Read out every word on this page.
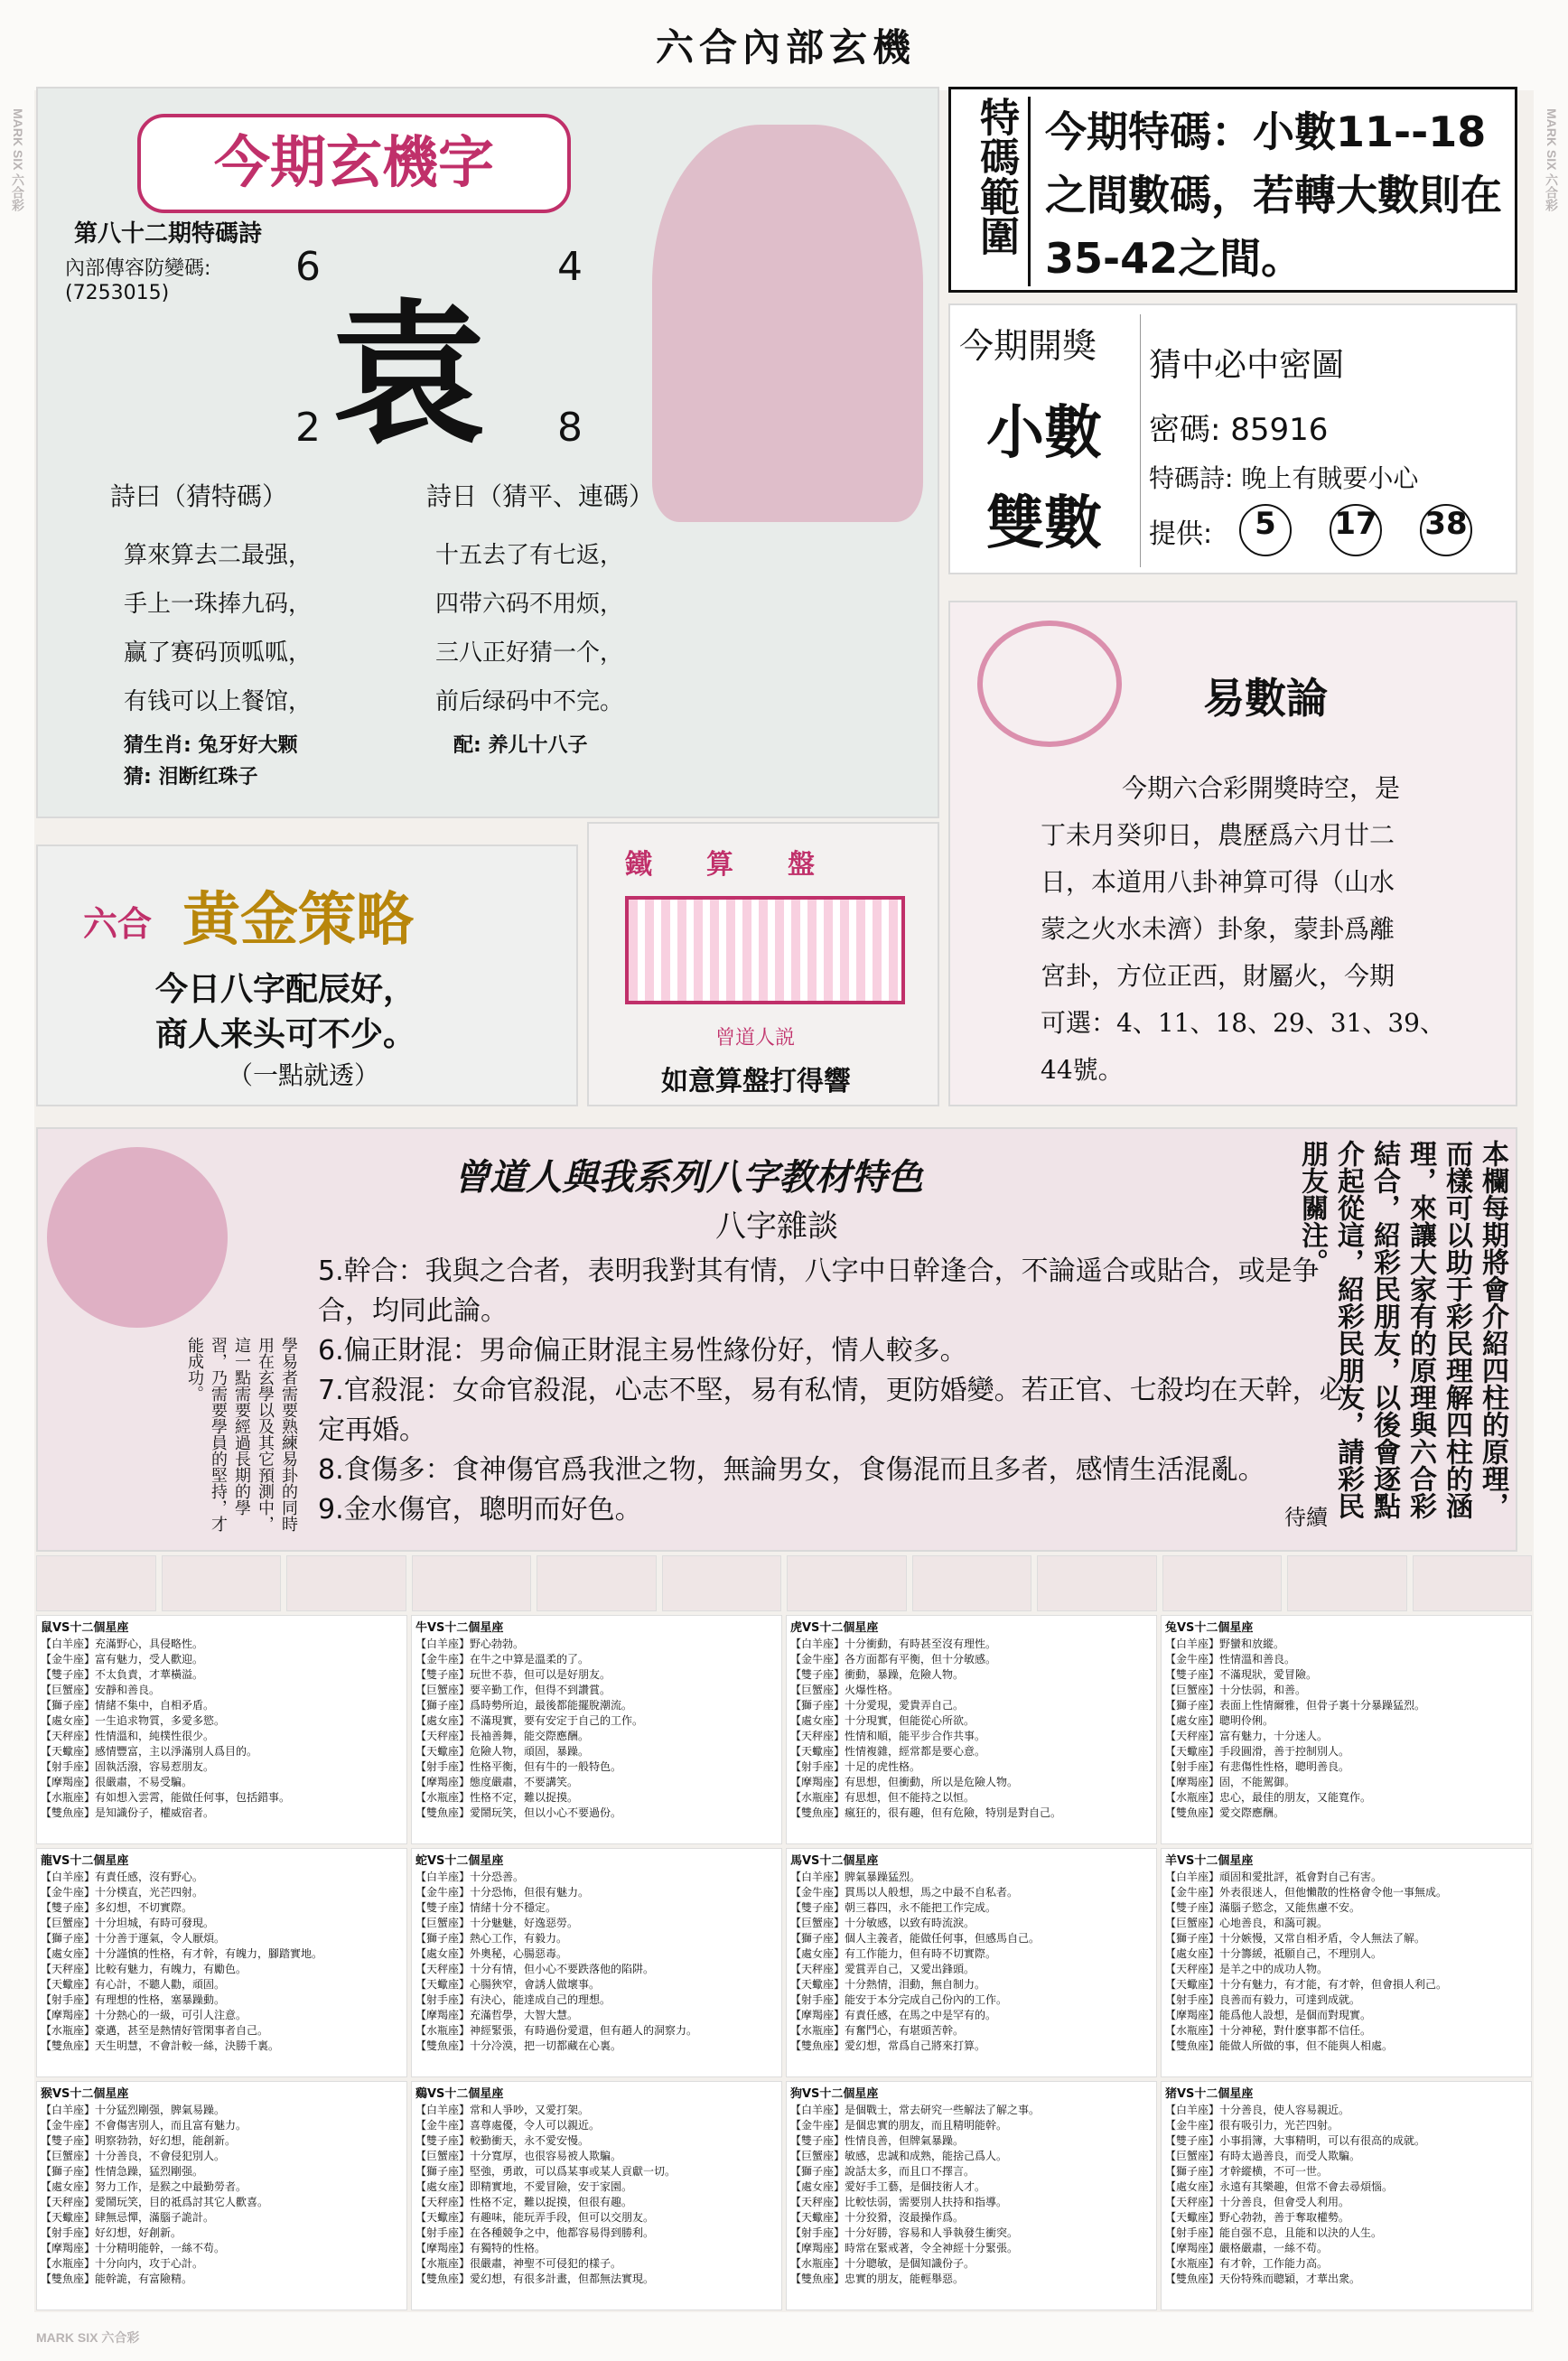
MARK SIX 六合彩
MARK SIX 六合彩	MARK SIX 六合彩
六合內部玄機
今期玄機字
第八十二期特碼詩
內部傳容防變碼:
(7253015)
6	4
袁
2	8
詩曰（猜特碼）	詩日（猜平、連碼）
算來算去二最强，
手上一珠捧九码，
赢了赛码顶呱呱，
有钱可以上餐馆，
十五去了有七返，
四带六码不用烦，
三八正好猜一个，
前后绿码中不完。
猜生肖: 兔牙好大颗	配: 养儿十八子
猜: 泪断红珠子
特碼範圍 今期特碼：小數11--18之間數碼，若轉大數則在35-42之間。
今期開獎
小數
雙數
猜中必中密圖
密碼: 85916
特碼詩: 晚上有賊要小心
提供:	5	17 38
易數論
今期六合彩開獎時空，是
丁未月癸卯日，農歷爲六月廿二
日，本道用八卦神算可得（山水
蒙之火水未濟）卦象，蒙卦爲離
宮卦，方位正西，財屬火，今期
可選：4、11、18、29、31、39、
44號。
六合 黄金策略
今日八字配辰好，
商人来头可不少。
（一點就透）
鐵算盤
曾道人説
如意算盤打得響
學易者需要熟練易卦的同時用在玄學以及其它預測中，這一點需要經過長期的學習，乃需要學員的堅持，才能成功。
曾道人與我系列八字教材特色
八字雜談
5.幹合：我與之合者，表明我對其有情，八字中日幹逢合，不論遥合或貼合，或是争合，均同此論。
6.偏正財混：男命偏正財混主易性緣份好，情人較多。
7.官殺混：女命官殺混，心志不堅，易有私情，更防婚變。若正官、七殺均在天幹，必定再婚。
8.食傷多：食神傷官爲我泄之物，無論男女，食傷混而且多者，感情生活混亂。
9.金水傷官，聰明而好色。	待續	本欄每期將會介紹四柱的原理，而樣可以助于彩民理解四柱的涵理，來讓大家有的原理與六合彩結合，紹彩民朋友，以後會逐點介起從這，紹彩民朋友，請彩民朋友關注。
鼠VS十二個星座
【白羊座】充滿野心，具侵略性。
【金牛座】富有魅力，受人歡迎。
【雙子座】不太負責，才華橫溢。
【巨蟹座】安靜和善良。
【獅子座】情緒不集中，自相矛盾。
【處女座】一生追求物質，多愛多慾。
【天秤座】性情溫和，純樸性很少。
【天蠍座】感情豐富，主以淨滿別人爲目的。
【射手座】固執活潑，容易惹朋友。
【摩羯座】很嚴肅，不易受騙。
【水瓶座】有如想入雲霄，能做任何事，包括錯事。
【雙魚座】是知識份子，權威宿者。
牛VS十二個星座
【白羊座】野心勃勃。
【金牛座】在牛之中算是溫柔的了。
【雙子座】玩世不恭，但可以是好朋友。
【巨蟹座】要辛勤工作，但得不到讚賞。
【獅子座】爲時勢所迫，最後都能擺脫潮流。
【處女座】不滿現實，要有安定于自己的工作。
【天秤座】長袖善舞，能交際應酬。
【天蠍座】危險人物，頑固，暴躁。
【射手座】性格平衡，但有牛的一般特色。
【摩羯座】態度嚴肅，不要講笑。
【水瓶座】性格不定，難以捉摸。
【雙魚座】愛鬧玩笑，但以小心不要過份。
虎VS十二個星座
【白羊座】十分衝動，有時甚至沒有理性。
【金牛座】各方面都有平衡，但十分敏感。
【雙子座】衝動，暴躁，危險人物。
【巨蟹座】火爆性格。
【獅子座】十分愛現，愛貴弄自己。
【處女座】十分現實，但能從心所欲。
【天秤座】性情和順，能平步合作共事。
【天蠍座】性情複雜，經常都是要心意。
【射手座】十足的虎性格。
【摩羯座】有思想，但衝動，所以是危險人物。
【水瓶座】有思想，但不能持之以恒。
【雙魚座】瘋狂的，很有趣，但有危險，特別是對自己。
兔VS十二個星座
【白羊座】野蠻和放縱。
【金牛座】性情溫和善良。
【雙子座】不滿現狀，愛冒險。
【巨蟹座】十分怯弱，和善。
【獅子座】表面上性情爾雅，但骨子裏十分暴躁猛烈。
【處女座】聰明伶俐。
【天秤座】富有魅力，十分迷人。
【天蠍座】手段圓滑，善于控制別人。
【射手座】有悲傷性性格，聰明善良。
【摩羯座】固，不能駕御。
【水瓶座】忠心，最佳的朋友，又能寬作。
【雙魚座】愛交際應酬。
龍VS十二個星座
【白羊座】有責任感，沒有野心。
【金牛座】十分樸直，光芒四射。
【雙子座】多幻想，不切實際。
【巨蟹座】十分坦城，有時可發現。
【獅子座】十分善于運氣，令人厭煩。
【處女座】十分謹慎的性格，有才幹，有魄力，腳踏實地。
【天秤座】比較有魅力，有魄力，有勵色。
【天蠍座】有心計，不聽人勸，頑固。
【射手座】有理想的性格，塞暴躁動。
【摩羯座】十分熱心的一級，可引人注意。
【水瓶座】豪邁，甚至是熱情好管閑事者自己。
【雙魚座】天生明慧，不會計較一絲，決勝千裏。
蛇VS十二個星座
【白羊座】十分恐善。
【金牛座】十分恐怖，但很有魅力。
【雙子座】情緒十分不穩定。
【巨蟹座】十分魅魅，好逸惡勞。
【獅子座】熱心工作，有毅力。
【處女座】外奧秘，心腸惡毒。
【天秤座】十分有情，但小心不要跌落他的陷阱。
【天蠍座】心腸狹窄，會誘人做壞事。
【射手座】有決心，能達成自己的理想。
【摩羯座】充滿哲學，大智大慧。
【水瓶座】神經緊張，有時過份愛還，但有趙人的洞察力。
【雙魚座】十分冷漠，把一切都藏在心裏。
馬VS十二個星座
【白羊座】脾氣暴躁猛烈。
【金牛座】貫馬以人般想，馬之中最不自私者。
【雙子座】朝三暮四，永不能把工作完成。
【巨蟹座】十分敏感，以致有時流淚。
【獅子座】個人主義者，能做任何事，但感馬自己。
【處女座】有工作能力，但有時不切實際。
【天秤座】愛賞弄自己，又愛出鋒頭。
【天蠍座】十分熱情，泪動，無自制力。
【射手座】能安于本分完成自己份內的工作。
【摩羯座】有責任感，在馬之中是罕有的。
【水瓶座】有奮鬥心，有堪頭苦幹。
【雙魚座】愛幻想，常爲自己將來打算。
羊VS十二個星座
【白羊座】頑固和愛批評，祗會對自己有害。
【金牛座】外表很迷人，但他懶散的性格會令他一事無成。
【雙子座】滿腦子慾念，又能焦慮不安。
【巨蟹座】心地善良，和藹可親。
【獅子座】十分嫉慢，又常自相矛盾，令人無法了解。
【處女座】十分籌緩，祗願自己，不理別人。
【天秤座】是羊之中的成功人物。
【天蠍座】十分有魅力，有才能，有才幹，但會損人利己。
【射手座】良善而有毅力，可達到成就。
【摩羯座】能爲他人設想，是個而對現實。
【水瓶座】十分神秘，對什麽事都不信任。
【雙魚座】能做人所做的事，但不能與人相處。
猴VS十二個星座
【白羊座】十分猛烈剛强，脾氣易躁。
【金牛座】不會傷害別人，而且富有魅力。
【雙子座】明察勃勃，好幻想，能創新。
【巨蟹座】十分善良，不會侵犯別人。
【獅子座】性情急躁，猛烈剛强。
【處女座】努力工作，是猴之中最勤勞者。
【天秤座】愛鬧玩笑，目的祗爲討其它人歡喜。
【天蠍座】肆無忌憚，滿腦子詭計。
【射手座】好幻想，好創新。
【摩羯座】十分精明能幹，一絲不苟。
【水瓶座】十分向内，攻于心計。
【雙魚座】能幹詭，有富險精。
鷄VS十二個星座
【白羊座】常和人爭吵，又愛打架。
【金牛座】喜尊處優，令人可以親近。
【雙子座】較勤衝天，永不愛安慢。
【巨蟹座】十分寬厚，也很容易被人欺騙。
【獅子座】堅強，勇敢，可以爲某事或某人貢獻一切。
【處女座】即精實地，不愛冒險，安于家園。
【天秤座】性格不定，難以捉摸，但很有趣。
【天蠍座】有趣味，能玩弄手段，但可以交朋友。
【射手座】在各種競争之中，他都容易得到勝利。
【摩羯座】有獨特的性格。
【水瓶座】很嚴肅，神聖不可侵犯的樣子。
【雙魚座】愛幻想，有很多計畫，但都無法實現。
狗VS十二個星座
【白羊座】是個戰士，常去研究一些解法了解之事。
【金牛座】是個忠實的朋友，而且精明能幹。
【雙子座】性情良善，但牌氣暴躁。
【巨蟹座】敏感，忠誠和成熟，能捨己爲人。
【獅子座】說話太多，而且口不擇言。
【處女座】愛好手工藝，是個技術人才。
【天秤座】比較怯弱，需要別人扶持和指導。
【天蠍座】十分狡猾，沒最操作爲。
【射手座】十分好勝，容易和人爭執發生衝突。
【摩羯座】時常在緊戒著，令全神經十分緊張。
【水瓶座】十分聰敏，是個知識份子。
【雙魚座】忠實的朋友，能輕舉惡。
猪VS十二個星座
【白羊座】十分善良，使人容易親近。
【金牛座】很有吸引力，光芒四射。
【雙子座】小事捐簿，大事精明，可以有很高的成就。
【巨蟹座】有時太過善良，而受人欺騙。
【獅子座】才幹縱横，不可一世。
【處女座】永遠有其樂趣，但常不會去尋煩惱。
【天秤座】十分善良，但會受人利用。
【天蠍座】野心勃勃，善于奪取權勢。
【射手座】能自强不息，且能和以決的人生。
【摩羯座】嚴格嚴肅，一絲不苟。
【水瓶座】有才幹，工作能力高。
【雙魚座】天份特殊而聰穎，才華出衆。
